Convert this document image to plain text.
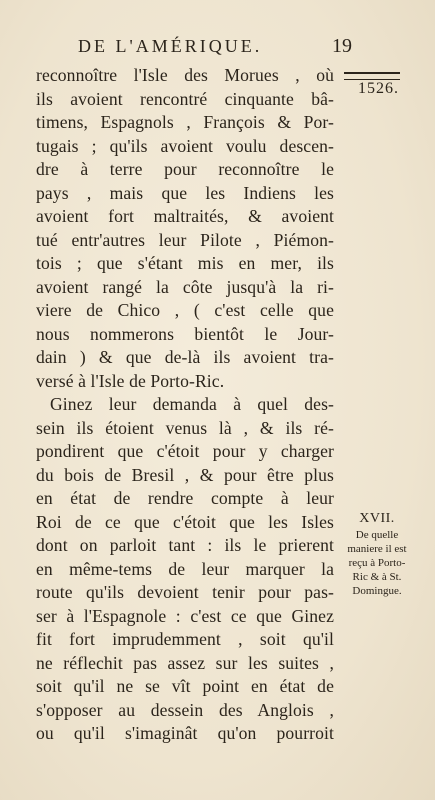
DE L'AMÉRIQUE.	19
1526.
reconnoître l'Isle des Morues , où
ils avoient rencontré cinquante bâ-
timens, Espagnols , François & Por-
tugais ; qu'ils avoient voulu descen-
dre à terre pour reconnoître le
pays , mais que les Indiens les
avoient fort maltraités, & avoient
tué entr'autres leur Pilote , Piémon-
tois ; que s'étant mis en mer, ils
avoient rangé la côte jusqu'à la ri-
viere de Chico , ( c'est celle que
nous nommerons bientôt le Jour-
dain ) & que de-là ils avoient tra-
versé à l'Isle de Porto-Ric.
Ginez leur demanda à quel des-
sein ils étoient venus là , & ils ré-
pondirent que c'étoit pour y charger
du bois de Bresil , & pour être plus
en état de rendre compte à leur
Roi de ce que c'étoit que les Isles
dont on parloit tant : ils le prierent
en même-tems de leur marquer la
route qu'ils devoient tenir pour pas-
ser à l'Espagnole : c'est ce que Ginez
fit fort imprudemment , soit qu'il
ne réflechit pas assez sur les suites ,
soit qu'il ne se vît point en état de
s'opposer au dessein des Anglois ,
ou qu'il s'imaginât qu'on pourroit
XVII.
De quelle
maniere il est
reçu à Porto-
Ric & à St.
Domingue.
